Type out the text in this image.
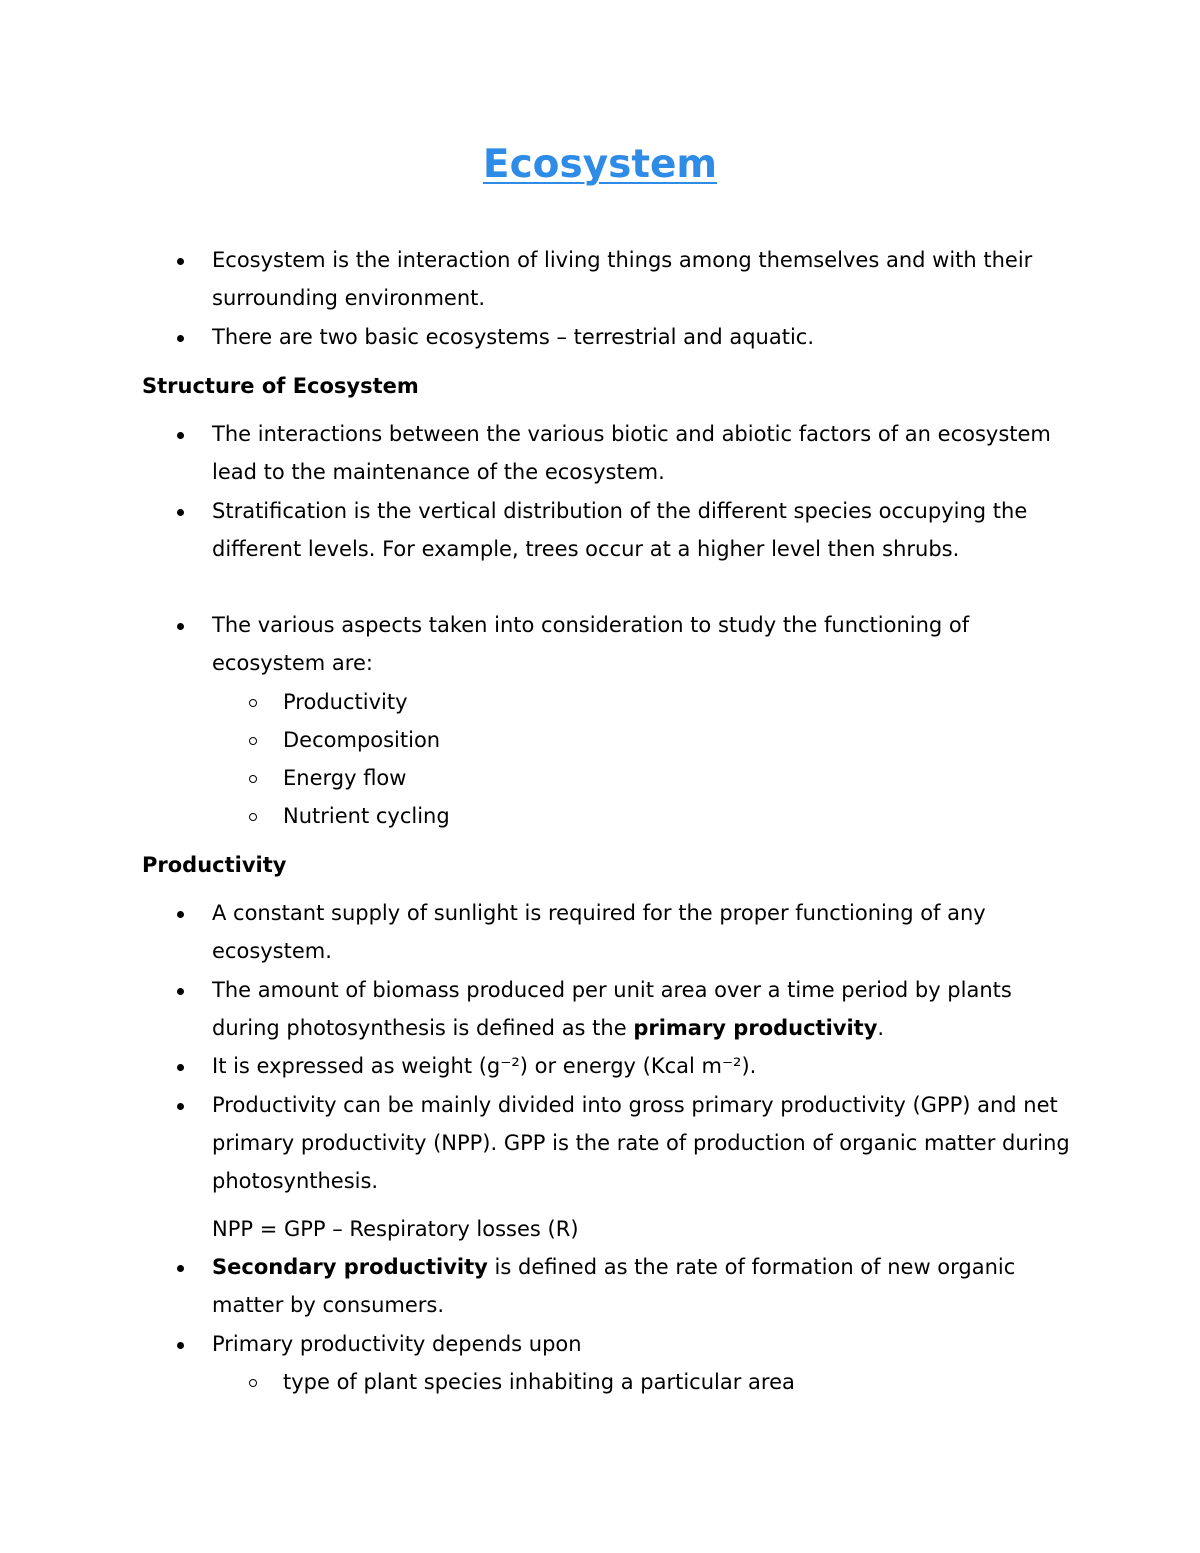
Ecosystem
Ecosystem is the interaction of living things among themselves and with their surrounding environment.
There are two basic ecosystems – terrestrial and aquatic.
Structure of Ecosystem
The interactions between the various biotic and abiotic factors of an ecosystem lead to the maintenance of the ecosystem.
Stratification is the vertical distribution of the different species occupying the different levels. For example, trees occur at a higher level then shrubs.
The various aspects taken into consideration to study the functioning of ecosystem are:
Productivity
Decomposition
Energy flow
Nutrient cycling
Productivity
A constant supply of sunlight is required for the proper functioning of any ecosystem.
The amount of biomass produced per unit area over a time period by plants during photosynthesis is defined as the primary productivity.
It is expressed as weight (g⁻²) or energy (Kcal m⁻²).
Productivity can be mainly divided into gross primary productivity (GPP) and net primary productivity (NPP). GPP is the rate of production of organic matter during photosynthesis.
NPP = GPP – Respiratory losses (R)
Secondary productivity is defined as the rate of formation of new organic matter by consumers.
Primary productivity depends upon
type of plant species inhabiting a particular area
